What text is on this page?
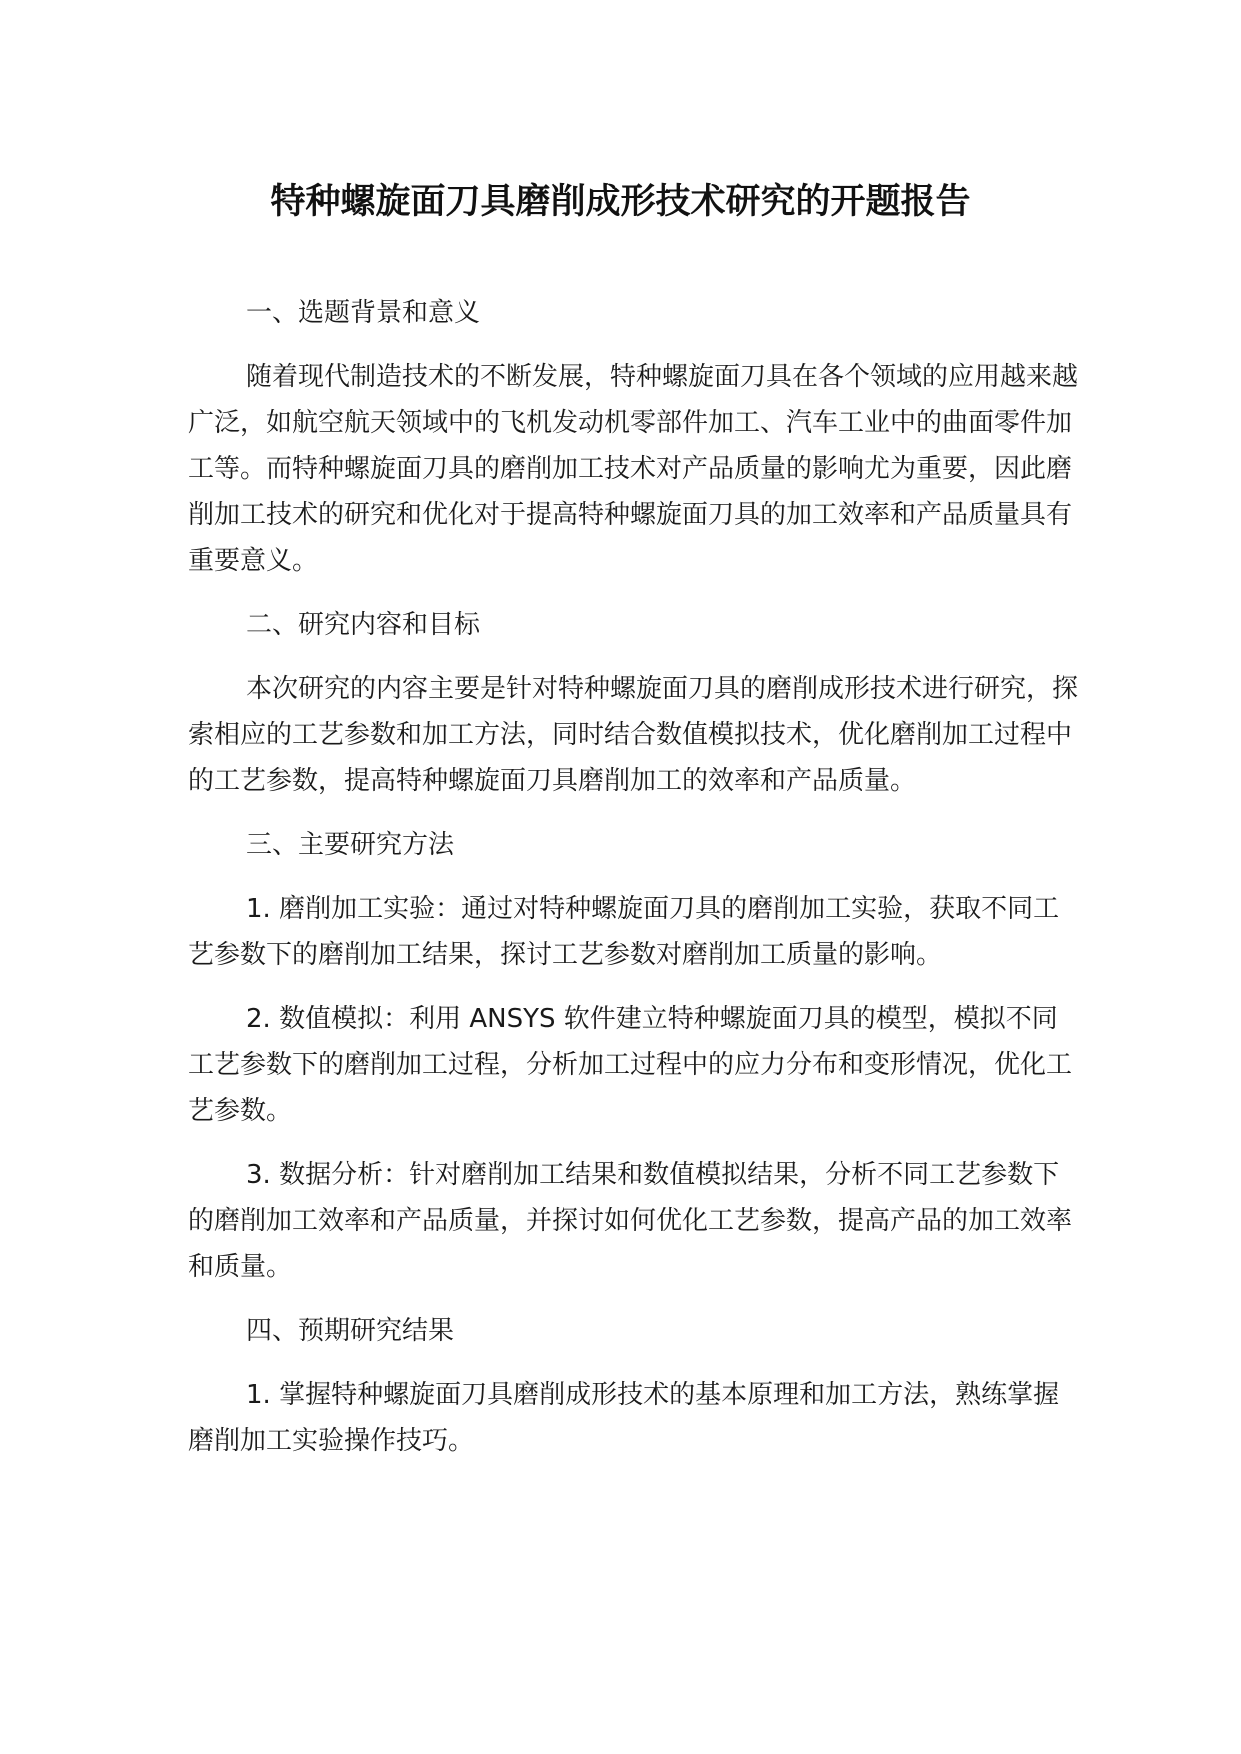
特种螺旋面刀具磨削成形技术研究的开题报告

一、选题背景和意义

随着现代制造技术的不断发展，特种螺旋面刀具在各个领域的应用越来越广泛，如航空航天领域中的飞机发动机零部件加工、汽车工业中的曲面零件加工等。而特种螺旋面刀具的磨削加工技术对产品质量的影响尤为重要，因此磨削加工技术的研究和优化对于提高特种螺旋面刀具的加工效率和产品质量具有重要意义。

二、研究内容和目标

本次研究的内容主要是针对特种螺旋面刀具的磨削成形技术进行研究，探索相应的工艺参数和加工方法，同时结合数值模拟技术，优化磨削加工过程中的工艺参数，提高特种螺旋面刀具磨削加工的效率和产品质量。

三、主要研究方法

1. 磨削加工实验：通过对特种螺旋面刀具的磨削加工实验，获取不同工艺参数下的磨削加工结果，探讨工艺参数对磨削加工质量的影响。

2. 数值模拟：利用 ANSYS 软件建立特种螺旋面刀具的模型，模拟不同工艺参数下的磨削加工过程，分析加工过程中的应力分布和变形情况，优化工艺参数。

3. 数据分析：针对磨削加工结果和数值模拟结果，分析不同工艺参数下的磨削加工效率和产品质量，并探讨如何优化工艺参数，提高产品的加工效率和质量。

四、预期研究结果

1. 掌握特种螺旋面刀具磨削成形技术的基本原理和加工方法，熟练掌握磨削加工实验操作技巧。
